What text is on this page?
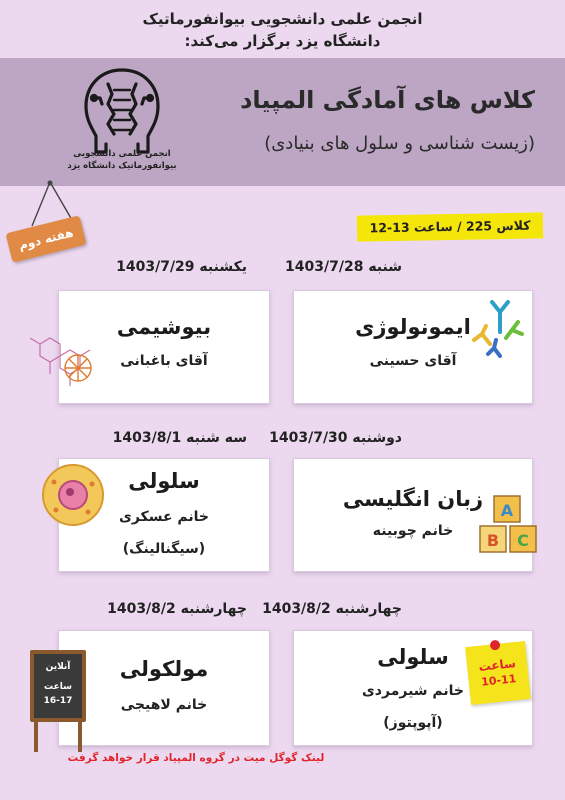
انجمن علمی دانشجویی بیوانفورماتیک
دانشگاه یزد برگزار می‌کند:
انجمن علمی دانشجویی
بیوانفورماتیک دانشگاه یزد
کلاس های آمادگی المپیاد
(زیست شناسی و سلول های بنیادی)
هفته دوم	کلاس 225 / ساعت 13-12
شنبه 1403/7/28
یکشنبه 1403/7/29
ایمونولوژی
آقای حسینی
بیوشیمی
آقای باغبانی
دوشنبه 1403/7/30
سه شنبه 1403/8/1
زبان انگلیسی
خانم چوبینه
سلولی
خانم عسکری
(سیگنالینگ)
A
B C
چهارشنبه 1403/8/2
چهارشنبه 1403/8/2
سلولی
خانم شیرمردی
(آپوپتوز)
مولکولی
خانم لاهیجی
ساعت
10-11
آنلاین
ساعت
16-17
لینک گوگل میت در گروه المپیاد قرار خواهد گرفت
